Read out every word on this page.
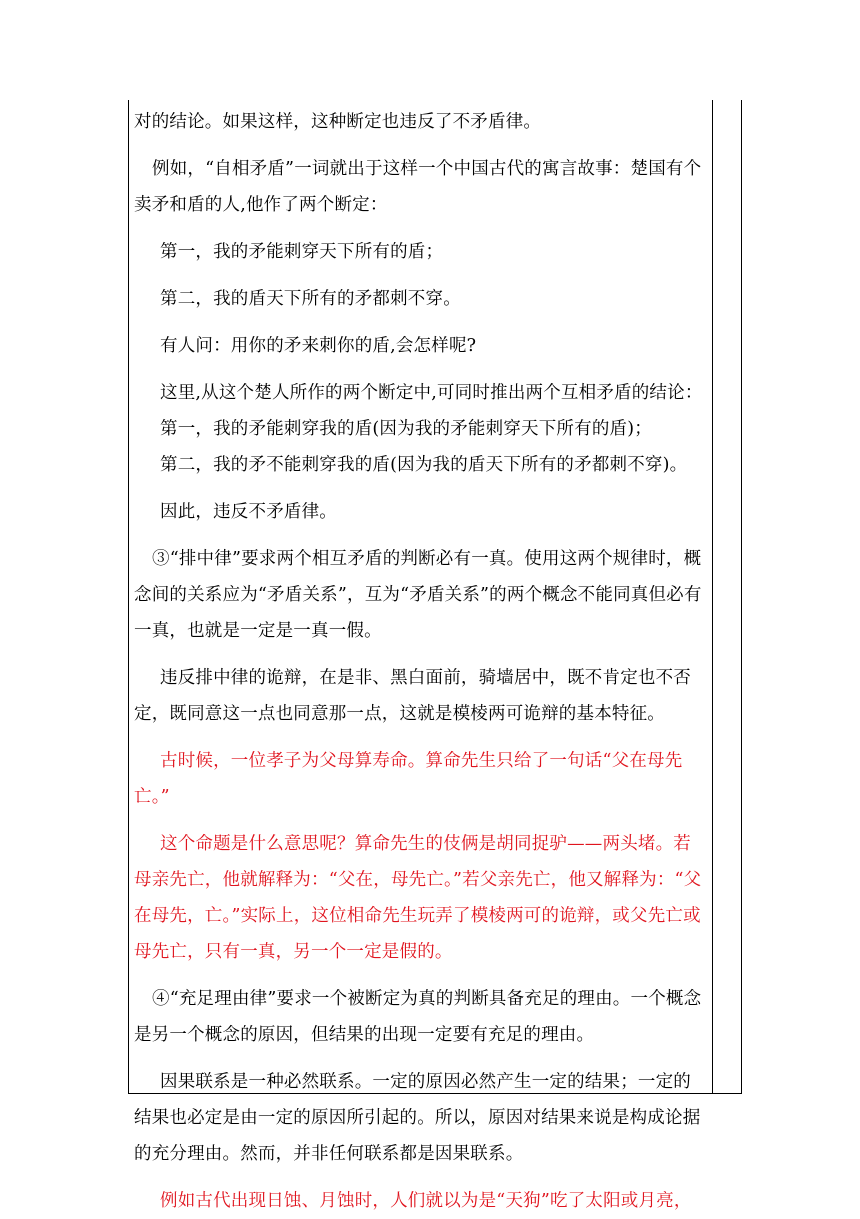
对的结论。如果这样，这种断定也违反了不矛盾律。

例如，“自相矛盾”一词就出于这样一个中国古代的寓言故事：楚国有个卖矛和盾的人,他作了两个断定：

第一，我的矛能刺穿天下所有的盾；

第二，我的盾天下所有的矛都刺不穿。

有人问：用你的矛来刺你的盾,会怎样呢?

这里,从这个楚人所作的两个断定中,可同时推出两个互相矛盾的结论：

第一，我的矛能刺穿我的盾(因为我的矛能刺穿天下所有的盾)；

第二，我的矛不能刺穿我的盾(因为我的盾天下所有的矛都刺不穿)。

因此，违反不矛盾律。

③“排中律”要求两个相互矛盾的判断必有一真。使用这两个规律时，概念间的关系应为“矛盾关系”，互为“矛盾关系”的两个概念不能同真但必有一真，也就是一定是一真一假。

违反排中律的诡辩，在是非、黑白面前，骑墙居中，既不肯定也不否定，既同意这一点也同意那一点，这就是模棱两可诡辩的基本特征。

古时候，一位孝子为父母算寿命。算命先生只给了一句话“父在母先亡。”

这个命题是什么意思呢？算命先生的伎俩是胡同捉驴——两头堵。若母亲先亡，他就解释为：“父在，母先亡。”若父亲先亡，他又解释为：“父在母先，亡。”实际上，这位相命先生玩弄了模棱两可的诡辩，或父先亡或母先亡，只有一真，另一个一定是假的。

④“充足理由律”要求一个被断定为真的判断具备充足的理由。一个概念是另一个概念的原因，但结果的出现一定要有充足的理由。

因果联系是一种必然联系。一定的原因必然产生一定的结果；一定的结果也必定是由一定的原因所引起的。所以，原因对结果来说是构成论据的充分理由。然而，并非任何联系都是因果联系。

例如古代出现日蚀、月蚀时，人们就以为是“天狗”吃了太阳或月亮，
